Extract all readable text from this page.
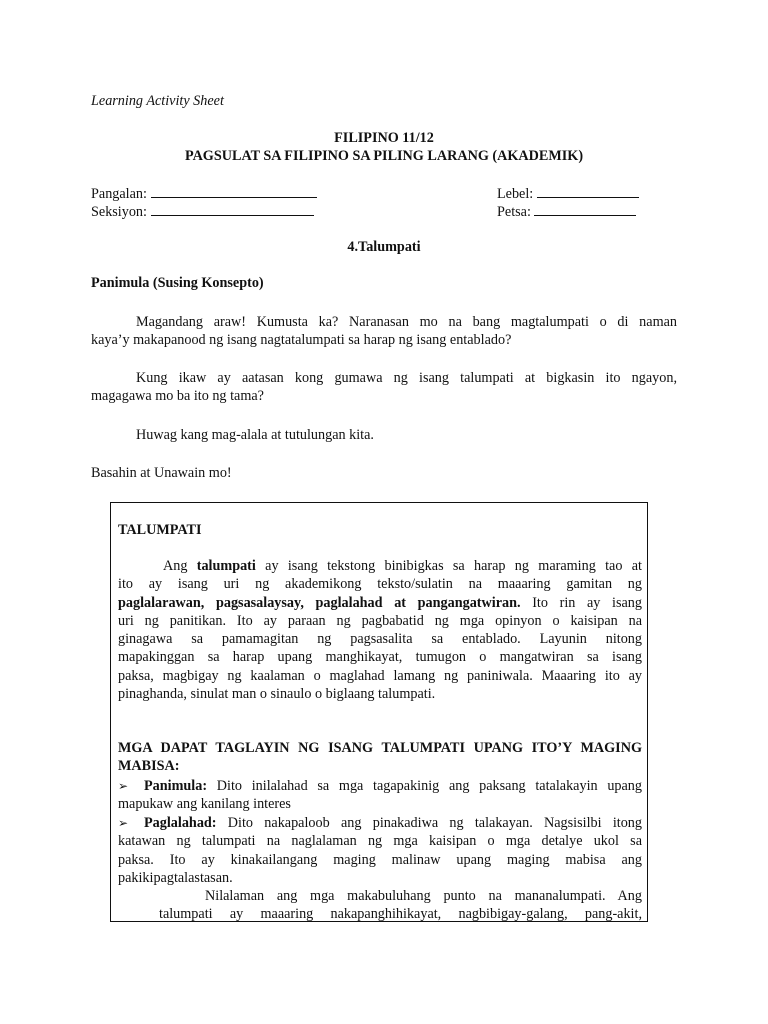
Learning Activity Sheet
FILIPINO 11/12
PAGSULAT SA FILIPINO SA PILING LARANG (AKADEMIK)
Pangalan:
Seksiyon:
Lebel:
Petsa:
4.Talumpati
Panimula (Susing Konsepto)
Magandang araw! Kumusta ka? Naranasan mo na bang magtalumpati o di naman
kaya’y makapanood ng isang nagtatalumpati sa harap ng isang entablado?
Kung ikaw ay aatasan kong gumawa ng isang talumpati at bigkasin ito ngayon,
magagawa mo ba ito ng tama?
Huwag kang mag-alala at tutulungan kita.
Basahin at Unawain mo!
TALUMPATI
Ang talumpati ay isang tekstong binibigkas sa harap ng maraming tao at
ito ay isang uri ng akademikong teksto/sulatin na maaaring gamitan ng
paglalarawan, pagsasalaysay, paglalahad at pangangatwiran. Ito rin ay isang
uri ng panitikan. Ito ay paraan ng pagbabatid ng mga opinyon o kaisipan na
ginagawa sa pamamagitan ng pagsasalita sa entablado. Layunin nitong
mapakinggan sa harap upang manghikayat, tumugon o mangatwiran sa isang
paksa, magbigay ng kaalaman o maglahad lamang ng paniniwala. Maaaring ito ay
pinaghanda, sinulat man o sinaulo o biglaang talumpati.
MGA DAPAT TAGLAYIN NG ISANG TALUMPATI UPANG ITO’Y MAGING
MABISA:
➢ Panimula: Dito inilalahad sa mga tagapakinig ang paksang tatalakayin upang
mapukaw ang kanilang interes
➢ Paglalahad: Dito nakapaloob ang pinakadiwa ng talakayan. Nagsisilbi itong
katawan ng talumpati na naglalaman ng mga kaisipan o mga detalye ukol sa
paksa. Ito ay kinakailangang maging malinaw upang maging mabisa ang
pakikipagtalastasan.
Nilalaman ang mga makabuluhang punto na mananalumpati. Ang
talumpati ay maaaring nakapanghihikayat, nagbibigay-galang, pang-akit,
